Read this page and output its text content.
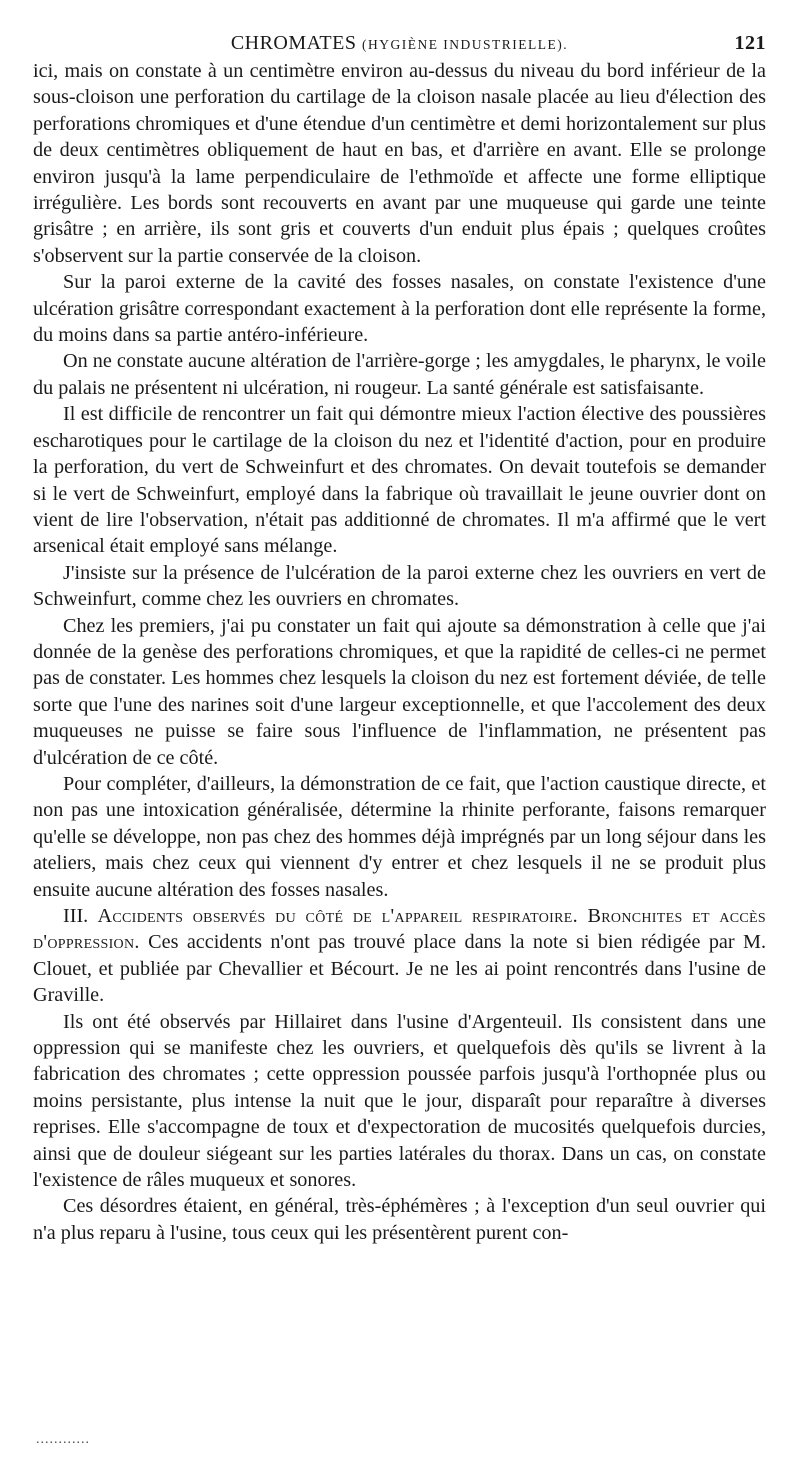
CHROMATES (HYGIÈNE INDUSTRIELLE).	121

ici, mais on constate à un centimètre environ au-dessus du niveau du bord inférieur de la sous-cloison une perforation du cartilage de la cloison nasale placée au lieu d'élection des perforations chromiques et d'une étendue d'un centimètre et demi horizontalement sur plus de deux centimètres obliquement de haut en bas, et d'arrière en avant. Elle se prolonge environ jusqu'à la lame perpendiculaire de l'ethmoïde et affecte une forme elliptique irrégulière. Les bords sont recouverts en avant par une muqueuse qui garde une teinte grisâtre ; en arrière, ils sont gris et couverts d'un enduit plus épais ; quelques croûtes s'observent sur la partie conservée de la cloison.

Sur la paroi externe de la cavité des fosses nasales, on constate l'existence d'une ulcération grisâtre correspondant exactement à la perforation dont elle représente la forme, du moins dans sa partie antéro-inférieure.

On ne constate aucune altération de l'arrière-gorge ; les amygdales, le pharynx, le voile du palais ne présentent ni ulcération, ni rougeur. La santé générale est satisfaisante.

Il est difficile de rencontrer un fait qui démontre mieux l'action élective des poussières escharotiques pour le cartilage de la cloison du nez et l'identité d'action, pour en produire la perforation, du vert de Schweinfurt et des chromates. On devait toutefois se demander si le vert de Schweinfurt, employé dans la fabrique où travaillait le jeune ouvrier dont on vient de lire l'observation, n'était pas additionné de chromates. Il m'a affirmé que le vert arsenical était employé sans mélange.

J'insiste sur la présence de l'ulcération de la paroi externe chez les ouvriers en vert de Schweinfurt, comme chez les ouvriers en chromates.

Chez les premiers, j'ai pu constater un fait qui ajoute sa démonstration à celle que j'ai donnée de la genèse des perforations chromiques, et que la rapidité de celles-ci ne permet pas de constater. Les hommes chez lesquels la cloison du nez est fortement déviée, de telle sorte que l'une des narines soit d'une largeur exceptionnelle, et que l'accolement des deux muqueuses ne puisse se faire sous l'influence de l'inflammation, ne présentent pas d'ulcération de ce côté.

Pour compléter, d'ailleurs, la démonstration de ce fait, que l'action caustique directe, et non pas une intoxication généralisée, détermine la rhinite perforante, faisons remarquer qu'elle se développe, non pas chez des hommes déjà imprégnés par un long séjour dans les ateliers, mais chez ceux qui viennent d'y entrer et chez lesquels il ne se produit plus ensuite aucune altération des fosses nasales.

III. Accidents observés du côté de l'appareil respiratoire. Bronchites et accès d'oppression. Ces accidents n'ont pas trouvé place dans la note si bien rédigée par M. Clouet, et publiée par Chevallier et Bécourt. Je ne les ai point rencontrés dans l'usine de Graville.

Ils ont été observés par Hillairet dans l'usine d'Argenteuil. Ils consistent dans une oppression qui se manifeste chez les ouvriers, et quelquefois dès qu'ils se livrent à la fabrication des chromates ; cette oppression poussée parfois jusqu'à l'orthopnée plus ou moins persistante, plus intense la nuit que le jour, disparaît pour reparaître à diverses reprises. Elle s'accompagne de toux et d'expectoration de mucosités quelquefois durcies, ainsi que de douleur siégeant sur les parties latérales du thorax. Dans un cas, on constate l'existence de râles muqueux et sonores.

Ces désordres étaient, en général, très-éphémères ; à l'exception d'un seul ouvrier qui n'a plus reparu à l'usine, tous ceux qui les présentèrent purent con-

............
